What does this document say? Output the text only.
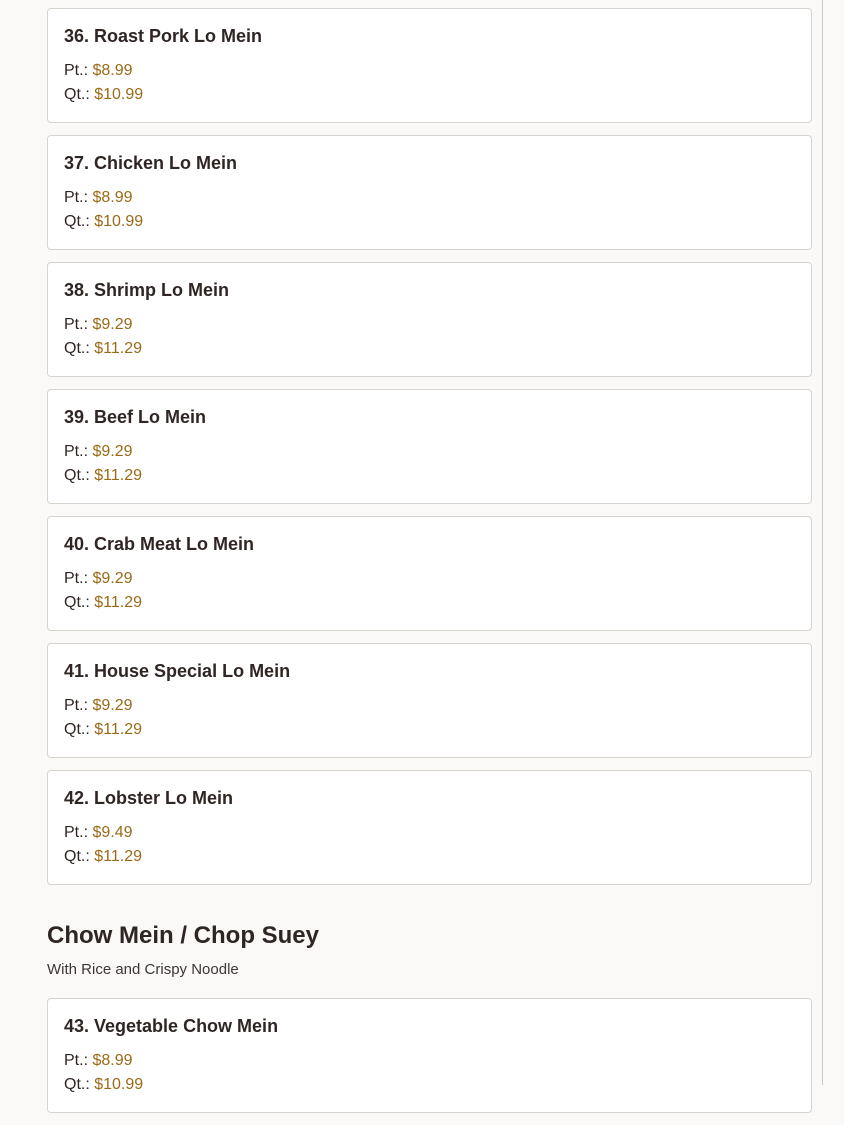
36. Roast Pork Lo Mein
Pt.: $8.99
Qt.: $10.99
37. Chicken Lo Mein
Pt.: $8.99
Qt.: $10.99
38. Shrimp Lo Mein
Pt.: $9.29
Qt.: $11.29
39. Beef Lo Mein
Pt.: $9.29
Qt.: $11.29
40. Crab Meat Lo Mein
Pt.: $9.29
Qt.: $11.29
41. House Special Lo Mein
Pt.: $9.29
Qt.: $11.29
42. Lobster Lo Mein
Pt.: $9.49
Qt.: $11.29
Chow Mein / Chop Suey
With Rice and Crispy Noodle
43. Vegetable Chow Mein
Pt.: $8.99
Qt.: $10.99
